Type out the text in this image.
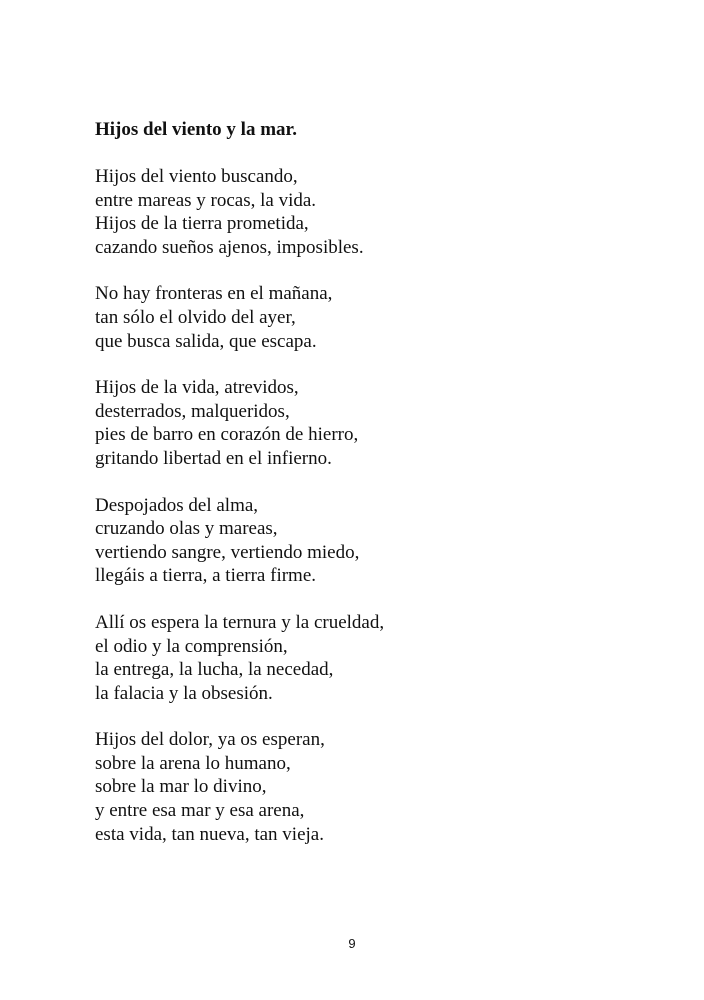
Hijos del viento y la mar.
Hijos del viento buscando,
entre mareas y rocas, la vida.
Hijos de la tierra prometida,
cazando sueños ajenos, imposibles.
No hay fronteras en el mañana,
tan sólo el olvido del ayer,
que busca salida, que escapa.
Hijos de la vida, atrevidos,
desterrados, malqueridos,
pies de barro en corazón de hierro,
gritando libertad en el infierno.
Despojados del alma,
cruzando olas y mareas,
vertiendo sangre, vertiendo miedo,
llegáis a tierra, a tierra firme.
Allí os espera la ternura y la crueldad,
el odio y la comprensión,
la entrega, la lucha, la necedad,
la falacia y la obsesión.
Hijos del dolor, ya os esperan,
sobre la arena lo humano,
sobre la mar lo divino,
y entre esa mar y esa arena,
esta vida, tan nueva, tan vieja.
9
